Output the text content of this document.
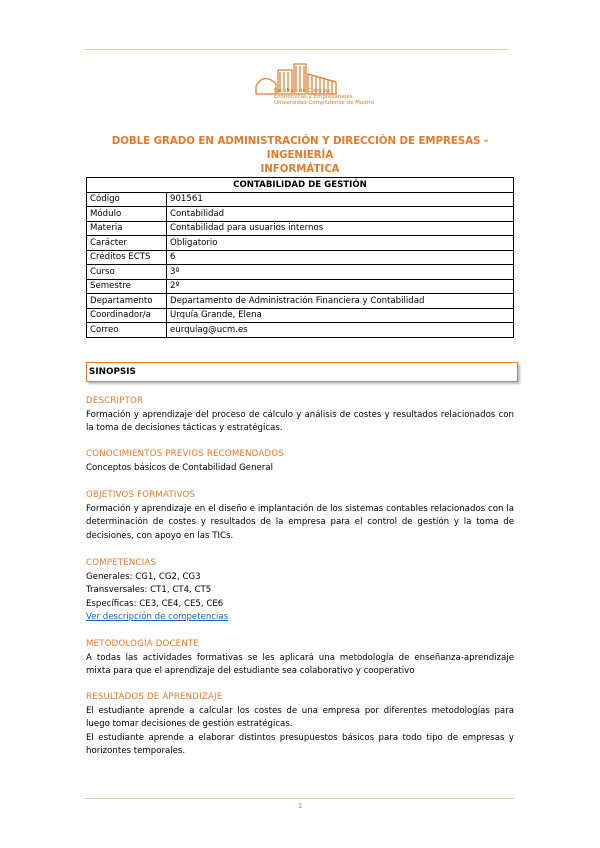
Facultad de Ciencias
Económicas y Empresariales
Universidad Complutense de Madrid
DOBLE GRADO EN ADMINISTRACIÓN Y DIRECCIÓN DE EMPRESAS - INGENIERÍA
INFORMÁTICA
CONTABILIDAD DE GESTIÓN	
Código	901561
Módulo	Contabilidad
Materia	Contabilidad para usuarios internos
Carácter	Obligatorio
Créditos ECTS	6
Curso	3º
Semestre	2º
Departamento	Departamento de Administración Financiera y Contabilidad
Coordinador/a	Urquía Grande, Elena
Correo	eurquiag@ucm.es
SINOPSIS
DESCRIPTOR

Formación y aprendizaje del proceso de cálculo y análisis de costes y resultados relacionados con la toma de decisiones tácticas y estratégicas.

CONOCIMIENTOS PREVIOS RECOMENDADOS

Conceptos básicos de Contabilidad General

OBJETIVOS FORMATIVOS

Formación y aprendizaje en el diseño e implantación de los sistemas contables relacionados con la determinación de costes y resultados de la empresa para el control de gestión y la toma de decisiones, con apoyo en las TICs.

COMPETENCIAS

Generales: CG1, CG2, CG3

Transversales: CT1, CT4, CT5

Específicas: CE3, CE4, CE5, CE6

Ver descripción de competencias

METODOLOGÍA DOCENTE

A todas las actividades formativas se les aplicará una metodología de enseñanza-aprendizaje mixta para que el aprendizaje del estudiante sea colaborativo y cooperativo

RESULTADOS DE APRENDIZAJE

El estudiante aprende a calcular los costes de una empresa por diferentes metodologías para luego tomar decisiones de gestión estratégicas.

El estudiante aprende a elaborar distintos presupuestos básicos para todo tipo de empresas y horizontes temporales.

1
